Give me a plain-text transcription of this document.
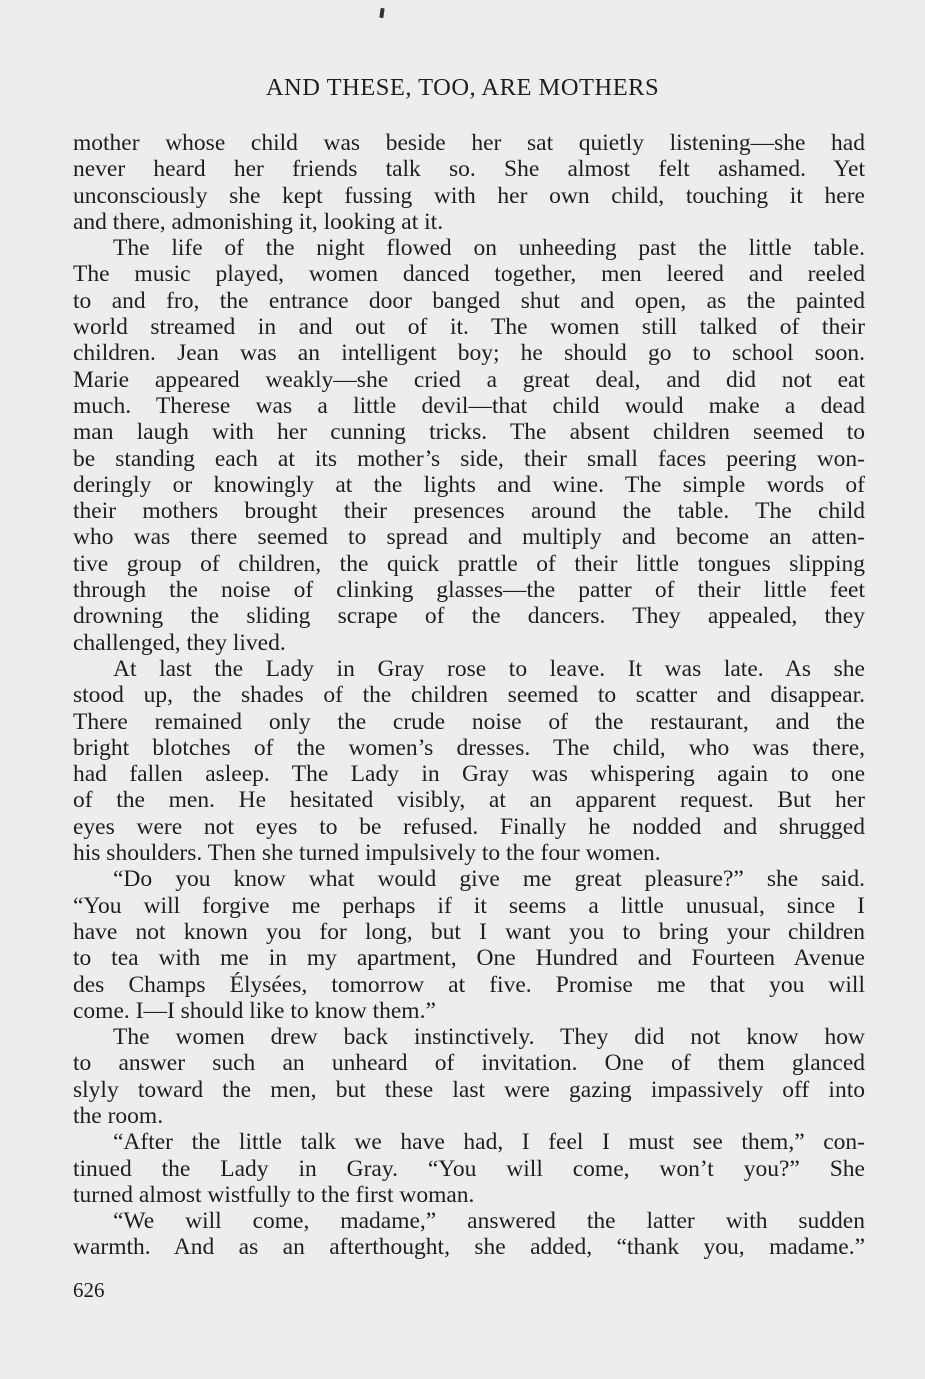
AND THESE, TOO, ARE MOTHERS
mother whose child was beside her sat quietly listening—she had
never heard her friends talk so. She almost felt ashamed. Yet
unconsciously she kept fussing with her own child, touching it here
and there, admonishing it, looking at it.
The life of the night flowed on unheeding past the little table.
The music played, women danced together, men leered and reeled
to and fro, the entrance door banged shut and open, as the painted
world streamed in and out of it. The women still talked of their
children. Jean was an intelligent boy; he should go to school soon.
Marie appeared weakly—she cried a great deal, and did not eat
much. Therese was a little devil—that child would make a dead
man laugh with her cunning tricks. The absent children seemed to
be standing each at its mother’s side, their small faces peering won-
deringly or knowingly at the lights and wine. The simple words of
their mothers brought their presences around the table. The child
who was there seemed to spread and multiply and become an atten-
tive group of children, the quick prattle of their little tongues slipping
through the noise of clinking glasses—the patter of their little feet
drowning the sliding scrape of the dancers. They appealed, they
challenged, they lived.
At last the Lady in Gray rose to leave. It was late. As she
stood up, the shades of the children seemed to scatter and disappear.
There remained only the crude noise of the restaurant, and the
bright blotches of the women’s dresses. The child, who was there,
had fallen asleep. The Lady in Gray was whispering again to one
of the men. He hesitated visibly, at an apparent request. But her
eyes were not eyes to be refused. Finally he nodded and shrugged
his shoulders. Then she turned impulsively to the four women.
“Do you know what would give me great pleasure?” she said.
“You will forgive me perhaps if it seems a little unusual, since I
have not known you for long, but I want you to bring your children
to tea with me in my apartment, One Hundred and Fourteen Avenue
des Champs Élysées, tomorrow at five. Promise me that you will
come. I—I should like to know them.”
The women drew back instinctively. They did not know how
to answer such an unheard of invitation. One of them glanced
slyly toward the men, but these last were gazing impassively off into
the room.
“After the little talk we have had, I feel I must see them,” con-
tinued the Lady in Gray. “You will come, won’t you?” She
turned almost wistfully to the first woman.
“We will come, madame,” answered the latter with sudden
warmth. And as an afterthought, she added, “thank you, madame.”
626
